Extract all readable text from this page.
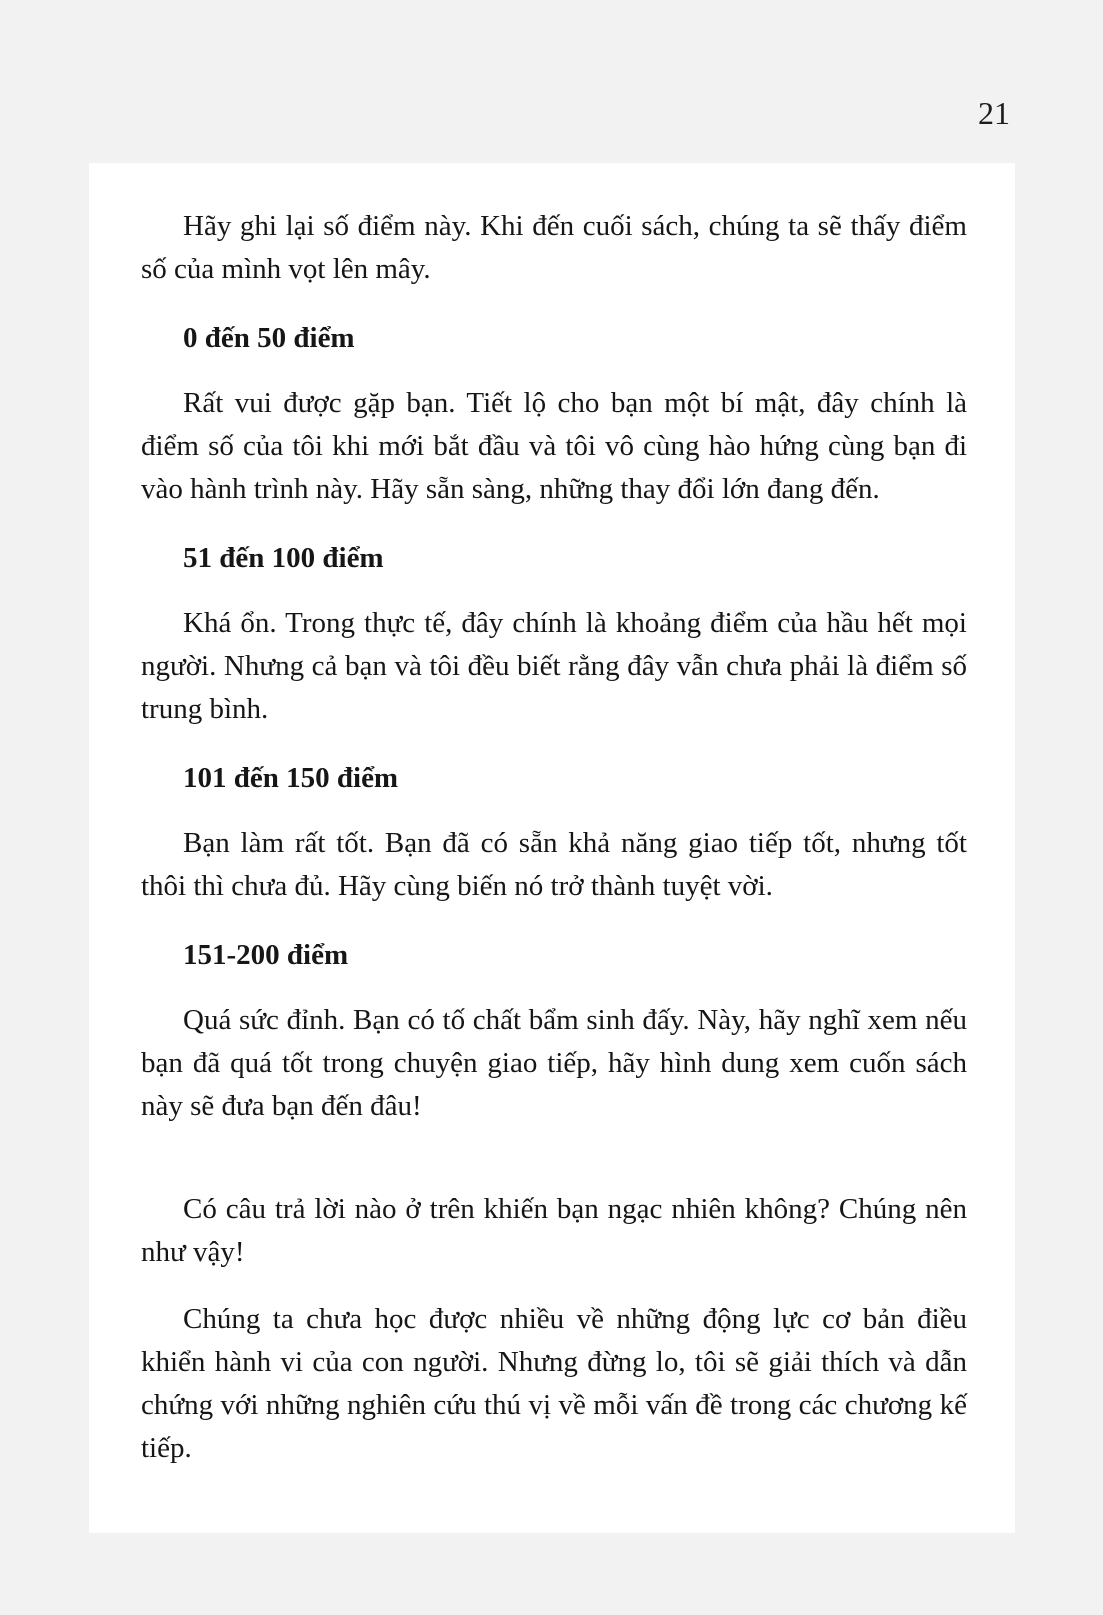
21

Hãy ghi lại số điểm này. Khi đến cuối sách, chúng ta sẽ thấy điểm số của mình vọt lên mây.

0 đến 50 điểm

Rất vui được gặp bạn. Tiết lộ cho bạn một bí mật, đây chính là điểm số của tôi khi mới bắt đầu và tôi vô cùng hào hứng cùng bạn đi vào hành trình này. Hãy sẵn sàng, những thay đổi lớn đang đến.

51 đến 100 điểm

Khá ổn. Trong thực tế, đây chính là khoảng điểm của hầu hết mọi người. Nhưng cả bạn và tôi đều biết rằng đây vẫn chưa phải là điểm số trung bình.

101 đến 150 điểm

Bạn làm rất tốt. Bạn đã có sẵn khả năng giao tiếp tốt, nhưng tốt thôi thì chưa đủ. Hãy cùng biến nó trở thành tuyệt vời.

151-200 điểm

Quá sức đỉnh. Bạn có tố chất bẩm sinh đấy. Này, hãy nghĩ xem nếu bạn đã quá tốt trong chuyện giao tiếp, hãy hình dung xem cuốn sách này sẽ đưa bạn đến đâu!

Có câu trả lời nào ở trên khiến bạn ngạc nhiên không? Chúng nên như vậy!

Chúng ta chưa học được nhiều về những động lực cơ bản điều khiển hành vi của con người. Nhưng đừng lo, tôi sẽ giải thích và dẫn chứng với những nghiên cứu thú vị về mỗi vấn đề trong các chương kế tiếp.
